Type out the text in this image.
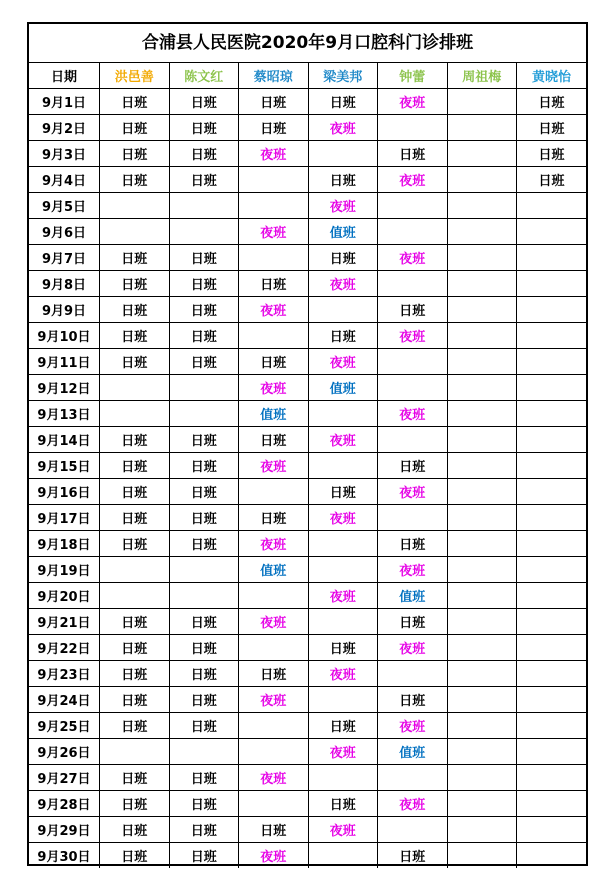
合浦县人民医院2020年9月口腔科门诊排班
日期	洪邑善	陈文红	蔡昭琼	梁美邦	钟蕾	周祖梅	黄晓怡
9月1日	日班	日班	日班	日班	夜班		日班
9月2日	日班	日班	日班	夜班			日班
9月3日	日班	日班	夜班		日班		日班
9月4日	日班	日班		日班	夜班		日班
9月5日				夜班			
9月6日			夜班	值班			
9月7日	日班	日班		日班	夜班		
9月8日	日班	日班	日班	夜班			
9月9日	日班	日班	夜班		日班		
9月10日	日班	日班		日班	夜班		
9月11日	日班	日班	日班	夜班			
9月12日			夜班	值班			
9月13日			值班		夜班		
9月14日	日班	日班	日班	夜班			
9月15日	日班	日班	夜班		日班		
9月16日	日班	日班		日班	夜班		
9月17日	日班	日班	日班	夜班			
9月18日	日班	日班	夜班		日班		
9月19日			值班		夜班		
9月20日				夜班	值班		
9月21日	日班	日班	夜班		日班		
9月22日	日班	日班		日班	夜班		
9月23日	日班	日班	日班	夜班			
9月24日	日班	日班	夜班		日班		
9月25日	日班	日班		日班	夜班		
9月26日				夜班	值班		
9月27日	日班	日班	夜班				
9月28日	日班	日班		日班	夜班		
9月29日	日班	日班	日班	夜班			
9月30日	日班	日班	夜班		日班		
